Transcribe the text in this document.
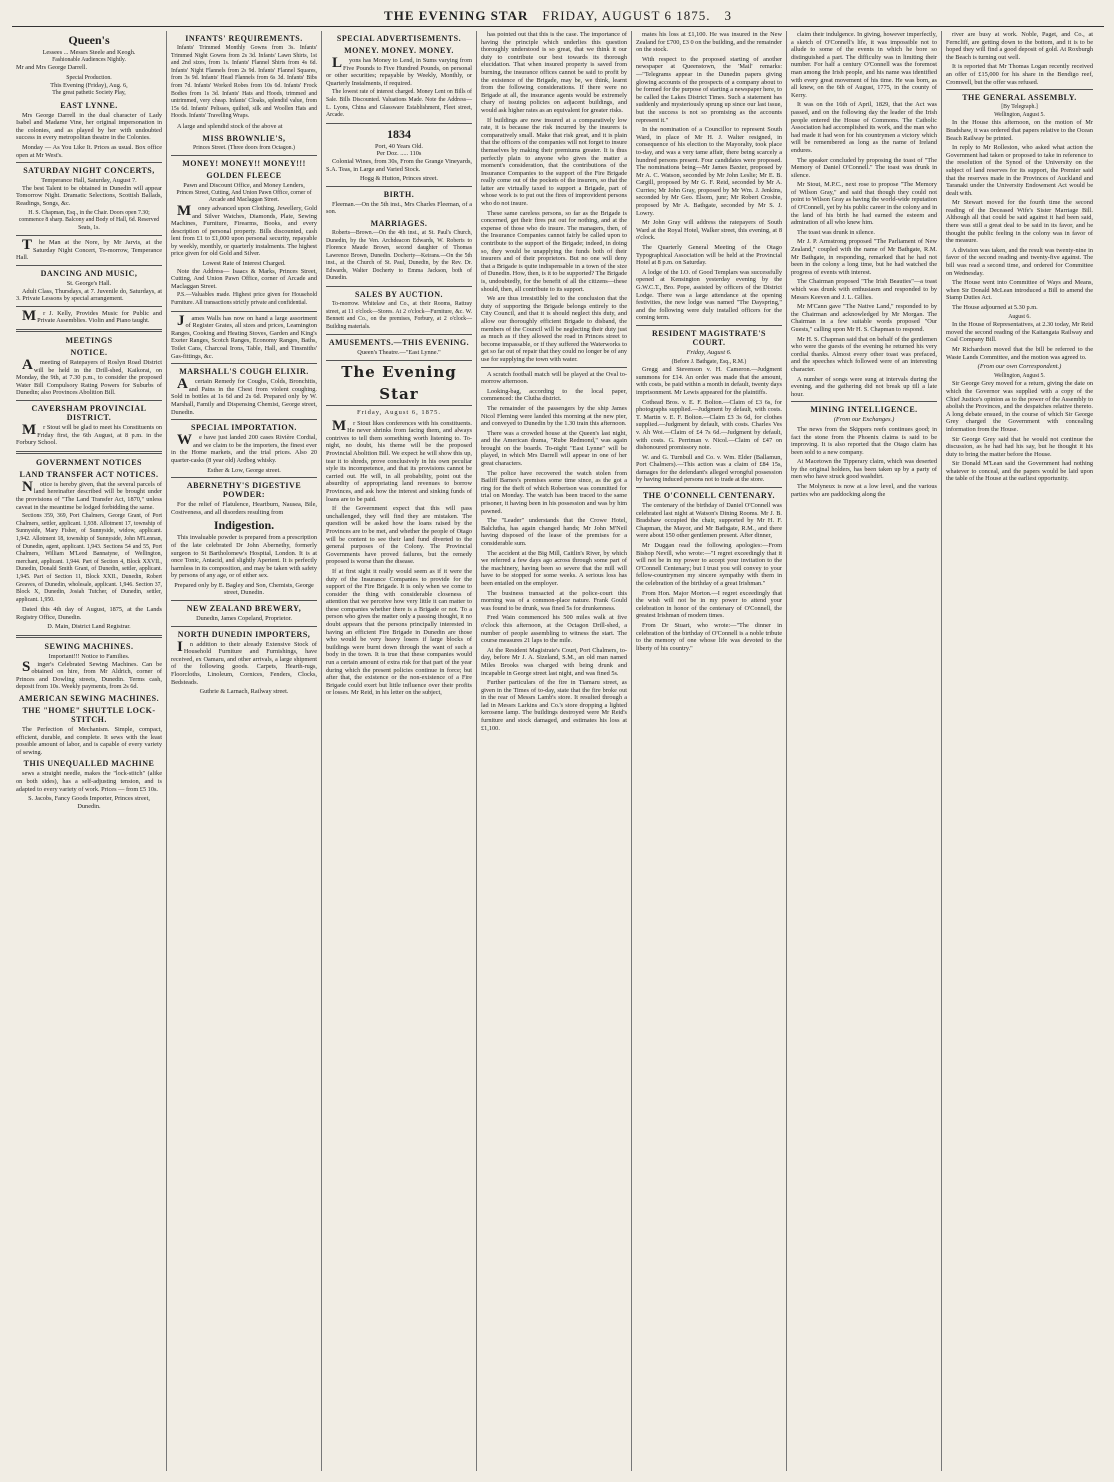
THE EVENING STAR FRIDAY, AUGUST 6 1875. 3
Queen's
Lessees ... Messrs Steele and Keogh.
Fashionable Audiences Nightly.
Mr and Mrs George Darrell.
Special Production.
This Evening (Friday), Aug. 6,
The great pathetic Society Play,
EAST LYNNE.

Mrs George Darrell in the dual character of Lady Isabel and Madame Vine, her original impersonation in the colonies, and as played by her with undoubted success in every metropolitan theatre in the Colonies.

Monday — As You Like It. Prices as usual. Box office open at Mr West's.

SATURDAY NIGHT CONCERTS,
Temperance Hall, Saturday, August 7.

The best Talent to be obtained in Dunedin will appear Tomorrow Night. Dramatic Selections, Scottish Ballads, Readings, Songs, &c.

H. S. Chapman, Esq., in the Chair. Doors open 7.30; commence 8 sharp. Balcony and Body of Hall, 6d. Reserved Seats, 1s.

The Man at the Nore, by Mr Jarvis, at the Saturday Night Concert, To-morrow, Temperance Hall.

DANCING AND MUSIC,
St. George's Hall.

Adult Class, Thursdays, at 7. Juvenile do, Saturdays, at 3. Private Lessons by special arrangement.

Mr J. Kelly, Provides Music for Public and Private Assemblies. Violin and Piano taught.

MEETINGS
NOTICE.

Ameeting of Ratepayers of Roslyn Road District will be held in the Drill-shed, Kaikorai, on Monday, the 9th, at 7.30 p.m., to consider the proposed Water Bill Compulsory Rating Powers for Suburbs of Dunedin; also Provinces Abolition Bill.

CAVERSHAM PROVINCIAL DISTRICT.

Mr Stout will be glad to meet his Constituents on Friday first, the 6th August, at 8 p.m. in the Forbury School.

GOVERNMENT NOTICES
LAND TRANSFER ACT NOTICES.

Notice is hereby given, that the several parcels of land hereinafter described will be brought under the provisions of "The Land Transfer Act, 1870," unless caveat in the meantime be lodged forbidding the same.

Sections 359, 369, Port Chalmers, George Grant, of Port Chalmers, settler, applicant. 1,938. Allotment 17, township of Sunnyside, Mary Fisher, of Sunnyside, widow, applicant. 1,942. Allotment 18, township of Sunnyside, John M'Lennan, of Dunedin, agent, applicant. 1,943. Sections 54 and 55, Port Chalmers, William M'Leod Bannatyne, of Wellington, merchant, applicant. 1,944. Part of Section 4, Block XXVII., Dunedin, Donald Smith Grant, of Dunedin, settler, applicant. 1,945. Part of Section 11, Block XXII., Dunedin, Robert Greaves, of Dunedin, wholesale, applicant. 1,946. Section 37, Block X, Dunedin, Josiah Tutcher, of Dunedin, settler, applicant. 1,950.

Dated this 4th day of August, 1875, at the Lands Registry Office, Dunedin.

D. Main, District Land Registrar.
SEWING MACHINES.
Important!!! Notice to Families.

Singer's Celebrated Sewing Machines. Can be obtained on hire, from Mr Aldrich, corner of Princes and Dowling streets, Dunedin. Terms cash, deposit from 10s. Weekly payments, from 2s 6d.

AMERICAN SEWING MACHINES.
THE "HOME" SHUTTLE LOCK-STITCH.

The Perfection of Mechanism. Simple, compact, efficient, durable, and complete. It sews with the least possible amount of labor, and is capable of every variety of sewing.

THIS UNEQUALLED MACHINE

sews a straight needle, makes the "lock-stitch" (alike on both sides), has a self-adjusting tension, and is adapted to every variety of work. Prices — from £5 10s.

S. Jacobs, Fancy Goods Importer, Princes street, Dunedin.
INFANTS' REQUIREMENTS.

Infants' Trimmed Monthly Gowns from 3s. Infants' Trimmed Night Gowns from 2s 3d. Infants' Lawn Shirts, 1st and 2nd sizes, from 1s. Infants' Flannel Shirts from 4s 6d. Infants' Night Flannels from 2s 9d. Infants' Flannel Squares, from 3s 9d. Infants' Head Flannels from 6s 3d. Infants' Bibs from 7d. Infants' Worked Robes from 10s 6d. Infants' Frock Bodies from 1s 3d. Infants' Hats and Hoods, trimmed and untrimmed, very cheap. Infants' Cloaks, splendid value, from 15s 6d. Infants' Pelisses, quilted, silk and Woollen Hats and Hoods. Infants' Travelling Wraps.

A large and splendid stock of the above at

MISS BROWNLIE'S,
Princes Street. (Three doors from Octagon.)
MONEY! MONEY!! MONEY!!!
GOLDEN FLEECE
Pawn and Discount Office, and Money Lenders,
Princes Street, Cutting, And Union Pawn Office, corner of Arcade and Maclaggan Street.

Money advanced upon Clothing, Jewellery, Gold and Silver Watches, Diamonds, Plate, Sewing Machines, Furniture, Firearms, Books, and every description of personal property. Bills discounted, cash lent from £1 to £1,000 upon personal security, repayable by weekly, monthly, or quarterly instalments. The highest price given for old Gold and Silver.

Lowest Rate of Interest Charged.

Note the Address— Isaacs & Marks, Princes Street, Cutting, And Union Pawn Office, corner of Arcade and Maclaggan Street.

P.S.—Valuables made. Highest price given for Household Furniture. All transactions strictly private and confidential.

James Walls has now on hand a large assortment of Register Grates, all sizes and prices, Leamington Ranges, Cooking and Heating Stoves, Garden and King's Exeter Ranges, Scotch Ranges, Economy Ranges, Baths, Toilet Cans, Charcoal Irons, Table, Hall, and Tinsmiths' Gas-fittings, &c.

MARSHALL'S COUGH ELIXIR.

Acertain Remedy for Coughs, Colds, Bronchitis, and Pains in the Chest from violent coughing. Sold in bottles at 1s 6d and 2s 6d. Prepared only by W. Marshall, Family and Dispensing Chemist, George street, Dunedin.

SPECIAL IMPORTATION.

We have just landed 200 cases Rivière Cordial, and we claim to be the importers, the finest ever in the Home markets, and the trial prices. Also 20 quarter-casks (8 year old) Ardbeg whisky.

Esther & Low, George street.
ABERNETHY'S DIGESTIVE POWDER:

For the relief of Flatulence, Heartburn, Nausea, Bile, Costiveness, and all disorders resulting from

Indigestion.

This invaluable powder is prepared from a prescription of the late celebrated Dr John Abernethy, formerly surgeon to St Bartholomew's Hospital, London. It is at once Tonic, Antacid, and slightly Aperient. It is perfectly harmless in its composition, and may be taken with safety by persons of any age, or of either sex.

Prepared only by E. Bagley and Son, Chemists, George street, Dunedin.
NEW ZEALAND BREWERY,
Dunedin, James Copeland, Proprietor.
NORTH DUNEDIN IMPORTERS,

In addition to their already Extensive Stock of Household Furniture and Furnishings, have received, ex Oamaru, and other arrivals, a large shipment of the following goods. Carpets, Hearth-rugs, Floorcloths, Linoleum, Cornices, Fenders, Clocks, Bedsteads.

Guthrie & Larnach, Railway street.
SPECIAL ADVERTISEMENTS.
MONEY. MONEY. MONEY.

Lyons has Money to Lend, in Sums varying from Five Pounds to Five Hundred Pounds, on personal or other securities; repayable by Weekly, Monthly, or Quarterly Instalments, if required.

The lowest rate of interest charged. Money Lent on Bills of Sale. Bills Discounted. Valuations Made. Note the Address— L. Lyons, China and Glassware Establishment, Fleet street, Arcade.

1834
Port, 40 Years Old.
Per Doz. ..... 110s

Colonial Wines, from 30s, From the Grange Vineyards, S.A. Teas, in Large and Varied Stock.

Hogg & Hutton, Princes street.
BIRTH.

Fleeman.—On the 5th inst., Mrs Charles Fleeman, of a son.

MARRIAGES.

Roberts—Brown.—On the 4th inst., at St. Paul's Church, Dunedin, by the Ven. Archdeacon Edwards, W. Roberts to Florence Maude Brown, second daughter of Thomas Lawrence Brown, Dunedin. Docherty—Keirans.—On the 5th inst., at the Church of St. Paul, Dunedin, by the Rev. Dr. Edwards, Walter Docherty to Emma Jackson, both of Dunedin.

SALES BY AUCTION.

To-morrow. Whitelaw and Co., at their Rooms, Rattray street, at 11 o'clock—Stores. At 2 o'clock—Furniture, &c. W. Bennett and Co., on the premises, Forbury, at 2 o'clock—Building materials.

AMUSEMENTS.—THIS EVENING.
Queen's Theatre.—"East Lynne."
The Evening Star
Friday, August 6, 1875.

Mr Stout likes conferences with his constituents. He never shrinks from facing them, and always contrives to tell them something worth listening to. To-night, no doubt, his theme will be the proposed Provincial Abolition Bill. We expect he will show this up, tear it to shreds, prove conclusively in his own peculiar style its incompetence, and that its provisions cannot be carried out. He will, in all probability, point out the absurdity of appropriating land revenues to borrow Provinces, and ask how the interest and sinking funds of loans are to be paid.

If the Government expect that this will pass unchallenged, they will find they are mistaken. The question will be asked how the loans raised by the Provinces are to be met, and whether the people of Otago will be content to see their land fund diverted to the general purposes of the Colony. The Provincial Governments have proved failures, but the remedy proposed is worse than the disease.

If at first sight it really would seem as if it were the duty of the Insurance Companies to provide for the support of the Fire Brigade. It is only when we come to consider the thing with considerable closeness of attention that we perceive how very little it can matter to these companies whether there is a Brigade or not. To a person who gives the matter only a passing thought, it no doubt appears that the persons principally interested in having an efficient Fire Brigade in Dunedin are those who would be very heavy losers if large blocks of buildings were burnt down through the want of such a body in the town. It is true that these companies would run a certain amount of extra risk for that part of the year during which the present policies continue in force; but after that, the existence or the non-existence of a Fire Brigade could exert but little influence over their profits or losses. Mr Reid, in his letter on the subject,

has pointed out that this is the case. The importance of having the principle which underlies this question thoroughly understood is so great, that we think it our duty to contribute our best towards its thorough elucidation. That when insured property is saved from burning, the insurance offices cannot be said to profit by the existence of the Brigade, may be, we think, learnt from the following considerations. If there were no Brigade at all, the insurance agents would be extremely chary of issuing policies on adjacent buildings, and would ask higher rates as an equivalent for greater risks.

If buildings are now insured at a comparatively low rate, it is because the risk incurred by the insurers is comparatively small. Make that risk great, and it is plain that the officers of the companies will not forget to insure themselves by making their premiums greater. It is thus perfectly plain to anyone who gives the matter a moment's consideration, that the contributions of the Insurance Companies to the support of the Fire Brigade really come out of the pockets of the insurers, so that the latter are virtually taxed to support a Brigade, part of whose work is to put out the fires of improvident persons who do not insure.

These same careless persons, so far as the Brigade is concerned, get their fires put out for nothing, and at the expense of those who do insure. The managers, then, of the Insurance Companies cannot fairly be called upon to contribute to the support of the Brigade; indeed, in doing so, they would be unapplying the funds both of their insurers and of their proprietors. But no one will deny that a Brigade is quite indispensable in a town of the size of Dunedin. How, then, is it to be supported? The Brigade is, undoubtedly, for the benefit of all the citizens—these should, then, all contribute to its support.

We are thus irresistibly led to the conclusion that the duty of supporting the Brigade belongs entirely to the City Council, and that it is should neglect this duty, and allow our thoroughly efficient Brigade to disband, the members of the Council will be neglecting their duty just as much as if they allowed the road in Princes street to become impassable, or if they suffered the Waterworks to get so far out of repair that they could no longer be of any use for supplying the town with water.

A scratch football match will be played at the Oval to-morrow afternoon.

Looking-bag, according to the local paper, commenced: the Clutha district.

The remainder of the passengers by the ship James Nicol Fleming were landed this morning at the new pier, and conveyed to Dunedin by the 1.30 train this afternoon.

There was a crowded house at the Queen's last night, and the American drama, "Rube Redmond," was again brought on the boards. To-night "East Lynne" will be played, in which Mrs Darrell will appear in one of her great characters.

The police have recovered the watch stolen from Bailiff Barnes's premises some time since, as the got a ring for the theft of which Robertson was committed for trial on Monday. The watch has been traced to the same prisoner, it having been in his possession and was by him pawned.

The "Leader" understands that the Crowe Hotel, Balclutha, has again changed hands; Mr John M'Neil having disposed of the lease of the premises for a considerable sum.

The accident at the Big Mill, Caitlin's River, by which we referred a few days ago across through some part of the machinery, having been so severe that the mill will have to be stopped for some weeks. A serious loss has been entailed on the employer.

The business transacted at the police-court this morning was of a common-place nature. Frank Gould was found to be drunk, was fined 5s for drunkenness.

Fred Wain commenced his 500 miles walk at five o'clock this afternoon, at the Octagon Drill-shed, a number of people assembling to witness the start. The course measures 21 laps to the mile.

At the Resident Magistrate's Court, Port Chalmers, to-day, before Mr J. A. Sizeland, S.M., an old man named Miles Brooks was charged with being drunk and incapable in George street last night, and was fined 5s.

Further particulars of the fire in Tiamaru street, as given in the Times of to-day, state that the fire broke out in the rear of Messrs Lamb's store. It resulted through a lad in Messrs Larkins and Co.'s store dropping a lighted kerosene lamp. The buildings destroyed were Mr Reid's furniture and stock damaged, and estimates his loss at £1,100.

mates his loss at £1,100. He was insured in the New Zealand for £700, £3 0 on the building, and the remainder on the stock.

With respect to the proposed starting of another newspaper at Queenstown, the 'Mail' remarks:—"Telegrams appear in the Dunedin papers giving glowing accounts of the prospects of a company about to be formed for the purpose of starting a newspaper here, to be called the Lakes District Times. Such a statement has suddenly and mysteriously sprung up since our last issue, but the success is not so promising as the accounts represent it."

In the nomination of a Councillor to represent South Ward, in place of Mr H. J. Walter resigned, in consequence of his election to the Mayoralty, took place to-day, and was a very tame affair, there being scarcely a hundred persons present. Four candidates were proposed. The nominations being—Mr James Baxter, proposed by Mr A. C. Watson, seconded by Mr John Leslie; Mr E. B. Cargill, proposed by Mr G. F. Reid, seconded by Mr A. Curries; Mr John Gray, proposed by Mr Wm. J. Jenkins, seconded by Mr Geo. Elsom, junr; Mr Robert Crosbie, proposed by Mr A. Bathgate, seconded by Mr S. J. Lowry.

Mr John Gray will address the ratepayers of South Ward at the Royal Hotel, Walker street, this evening, at 8 o'clock.

The Quarterly General Meeting of the Otago Typographical Association will be held at the Provincial Hotel at 8 p.m. on Saturday.

A lodge of the I.O. of Good Templars was successfully opened at Kensington yesterday evening by the G.W.C.T., Bro. Pope, assisted by officers of the District Lodge. There was a large attendance at the opening festivities, the new lodge was named "The Dayspring," and the following were duly installed officers for the coming term.

RESIDENT MAGISTRATE'S COURT.
Friday, August 6.
(Before J. Bathgate, Esq., R.M.)

Gregg and Stevenson v. H. Cameron.—Judgment summons for £14. An order was made that the amount, with costs, be paid within a month in default, twenty days imprisonment. Mr Lewis appeared for the plaintiffs.

Cothead Bros. v. E. F. Bolton.—Claim of £3 6s, for photographs supplied.—Judgment by default, with costs. T. Martin v. E. F. Bolton.—Claim £3 3s 6d, for clothes supplied.—Judgment by default, with costs. Charles Ves v. Ah Woi.—Claim of £4 7s 6d.—Judgment by default, with costs. G. Perriman v. Nicol.—Claim of £47 on dishonoured promissory note.

W. and G. Turnbull and Co. v. Wm. Elder (Ballamun, Port Chalmers).—This action was a claim of £84 15s, damages for the defendant's alleged wrongful possession by having induced persons not to trade at the store.

THE O'CONNELL CENTENARY.

The centenary of the birthday of Daniel O'Connell was celebrated last night at Watson's Dining Rooms. Mr J. B. Bradshaw occupied the chair, supported by Mr H. F. Chapman, the Mayor, and Mr Bathgate, R.M., and there were about 150 other gentlemen present. After dinner,

Mr Duggan read the following apologies:—From Bishop Nevill, who wrote:—"I regret exceedingly that it will not be in my power to accept your invitation to the O'Connell Centenary; but I trust you will convey to your fellow-countrymen my sincere sympathy with them in the celebration of the birthday of a great Irishman."

From Hon. Major Morton.—I regret exceedingly that the wish will not be in my power to attend your celebration in honor of the centenary of O'Connell, the greatest Irishman of modern times.

From Dr Stuart, who wrote:—"The dinner in celebration of the birthday of O'Connell is a noble tribute to the memory of one whose life was devoted to the liberty of his country."

claim their indulgence. In giving, however imperfectly, a sketch of O'Connell's life, it was impossible not to allude to some of the events in which he bore so distinguished a part. The difficulty was in limiting their number. For half a century O'Connell was the foremost man among the Irish people, and his name was identified with every great movement of his time. He was born, as all knew, on the 6th of August, 1775, in the county of Kerry.

It was on the 16th of April, 1829, that the Act was passed, and on the following day the leader of the Irish people entered the House of Commons. The Catholic Association had accomplished its work, and the man who had made it had won for his countrymen a victory which will be remembered as long as the name of Ireland endures.

The speaker concluded by proposing the toast of "The Memory of Daniel O'Connell." The toast was drunk in silence.

Mr Stout, M.P.C., next rose to propose "The Memory of Wilson Gray," and said that though they could not point to Wilson Gray as having the world-wide reputation of O'Connell, yet by his public career in the colony and in the land of his birth he had earned the esteem and admiration of all who knew him.

The toast was drunk in silence.

Mr J. P. Armstrong proposed "The Parliament of New Zealand," coupled with the name of Mr Bathgate, R.M. Mr Bathgate, in responding, remarked that he had not been in the colony a long time, but he had watched the progress of events with interest.

The Chairman proposed "The Irish Beauties"—a toast which was drunk with enthusiasm and responded to by Messrs Keeven and J. L. Gillies.

Mr M'Cann gave "The Native Land," responded to by the Chairman and acknowledged by Mr Morgan. The Chairman in a few suitable words proposed "Our Guests," calling upon Mr H. S. Chapman to respond.

Mr H. S. Chapman said that on behalf of the gentlemen who were the guests of the evening he returned his very cordial thanks. Almost every other toast was prefaced, and the speeches which followed were of an interesting character.

A number of songs were sung at intervals during the evening, and the gathering did not break up till a late hour.

MINING INTELLIGENCE.
(From our Exchanges.)

The news from the Skippers reefs continues good; in fact the stone from the Phoenix claims is said to be improving. It is also reported that the Otago claim has been sold to a new company.

At Macetown the Tipperary claim, which was deserted by the original holders, has been taken up by a party of men who have struck good washdirt.

The Molyneux is now at a low level, and the various parties who are paddocking along the

river are busy at work. Noble, Paget, and Co., at Ferncliff, are getting down to the bottom, and it is to be hoped they will find a good deposit of gold. At Roxburgh the Beach is turning out well.

It is reported that Mr Thomas Logan recently received an offer of £15,000 for his share in the Bendigo reef, Cromwell, but the offer was refused.

THE GENERAL ASSEMBLY.
[By Telegraph.]
Wellington, August 5.

In the House this afternoon, on the motion of Mr Bradshaw, it was ordered that papers relative to the Ocean Beach Railway be printed.

In reply to Mr Rolleston, who asked what action the Government had taken or proposed to take in reference to the resolution of the Synod of the University on the subject of land reserves for its support, the Premier said that the reserves made in the Provinces of Auckland and Taranaki under the University Endowment Act would be dealt with.

Mr Stewart moved for the fourth time the second reading of the Deceased Wife's Sister Marriage Bill. Although all that could be said against it had been said, there was still a great deal to be said in its favor, and he thought the public feeling in the colony was in favor of the measure.

A division was taken, and the result was twenty-nine in favor of the second reading and twenty-five against. The bill was read a second time, and ordered for Committee on Wednesday.

The House went into Committee of Ways and Means, when Sir Donald McLean introduced a Bill to amend the Stamp Duties Act.

The House adjourned at 5.30 p.m.

August 6.

In the House of Representatives, at 2.30 today, Mr Reid moved the second reading of the Kaitangata Railway and Coal Company Bill.

Mr Richardson moved that the bill be referred to the Waste Lands Committee, and the motion was agreed to.

(From our own Correspondent.)
Wellington, August 5.

Sir George Grey moved for a return, giving the date on which the Governor was supplied with a copy of the Chief Justice's opinion as to the power of the Assembly to abolish the Provinces, and the despatches relative thereto. A long debate ensued, in the course of which Sir George Grey charged the Government with concealing information from the House.

Sir George Grey said that he would not continue the discussion, as he had had his say, but he thought it his duty to bring the matter before the House.

Sir Donald M'Lean said the Government had nothing whatever to conceal, and the papers would be laid upon the table of the House at the earliest opportunity.
